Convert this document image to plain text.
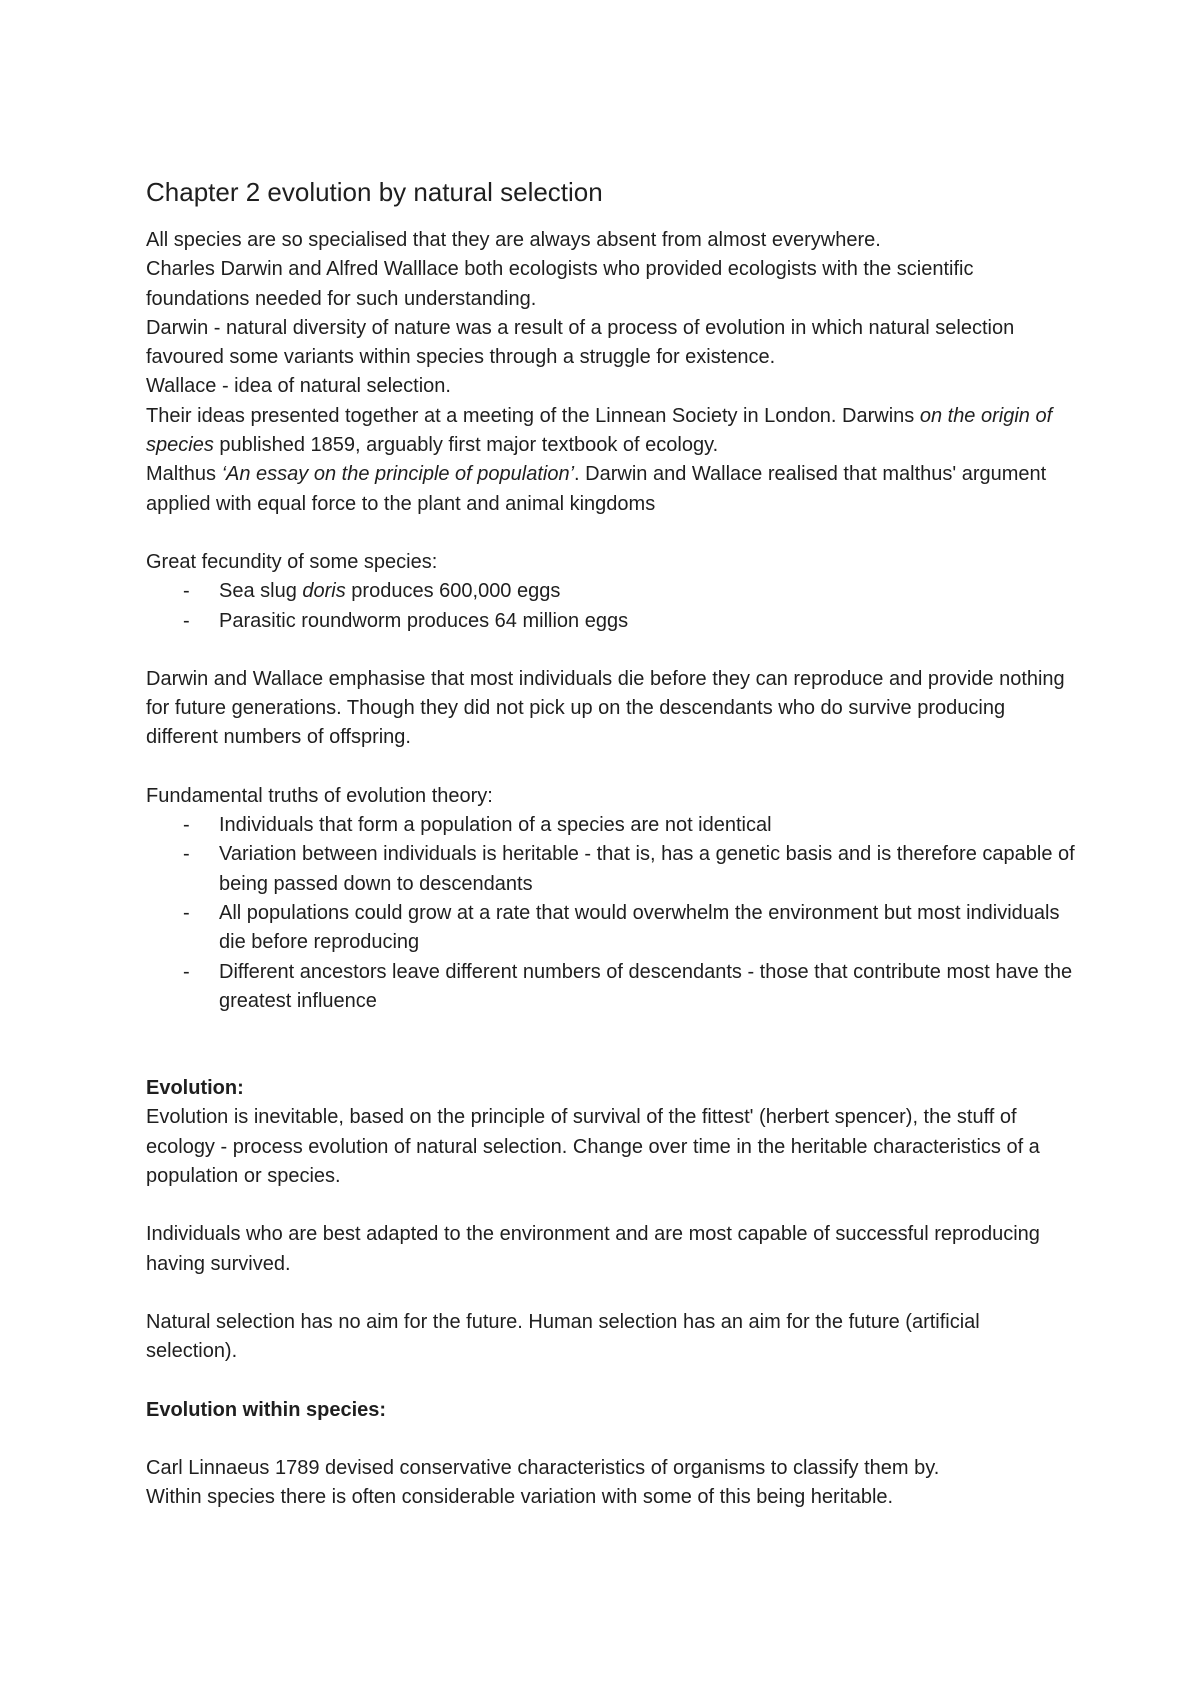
Chapter 2 evolution by natural selection

All species are so specialised that they are always absent from almost everywhere.

Charles Darwin and Alfred Walllace both ecologists who provided ecologists with the scientific foundations needed for such understanding.

Darwin - natural diversity of nature was a result of a process of evolution in which natural selection favoured some variants within species through a struggle for existence.

Wallace - idea of natural selection.

Their ideas presented together at a meeting of the Linnean Society in London. Darwins on the origin of species published 1859, arguably first major textbook of ecology.

Malthus ‘An essay on the principle of population’. Darwin and Wallace realised that malthus' argument applied with equal force to the plant and animal kingdoms

Great fecundity of some species:

- Sea slug doris produces 600,000 eggs
- Parasitic roundworm produces 64 million eggs

Darwin and Wallace emphasise that most individuals die before they can reproduce and provide nothing for future generations. Though they did not pick up on the descendants who do survive producing different numbers of offspring.

Fundamental truths of evolution theory:

- Individuals that form a population of a species are not identical
- Variation between individuals is heritable - that is, has a genetic basis and is therefore capable of being passed down to descendants
- All populations could grow at a rate that would overwhelm the environment but most individuals die before reproducing
- Different ancestors leave different numbers of descendants - those that contribute most have the greatest influence

Evolution:

Evolution is inevitable, based on the principle of survival of the fittest' (herbert spencer), the stuff of ecology - process evolution of natural selection. Change over time in the heritable characteristics of a population or species.

Individuals who are best adapted to the environment and are most capable of successful reproducing having survived.

Natural selection has no aim for the future. Human selection has an aim for the future (artificial selection).

Evolution within species:

Carl Linnaeus 1789 devised conservative characteristics of organisms to classify them by.

Within species there is often considerable variation with some of this being heritable.
